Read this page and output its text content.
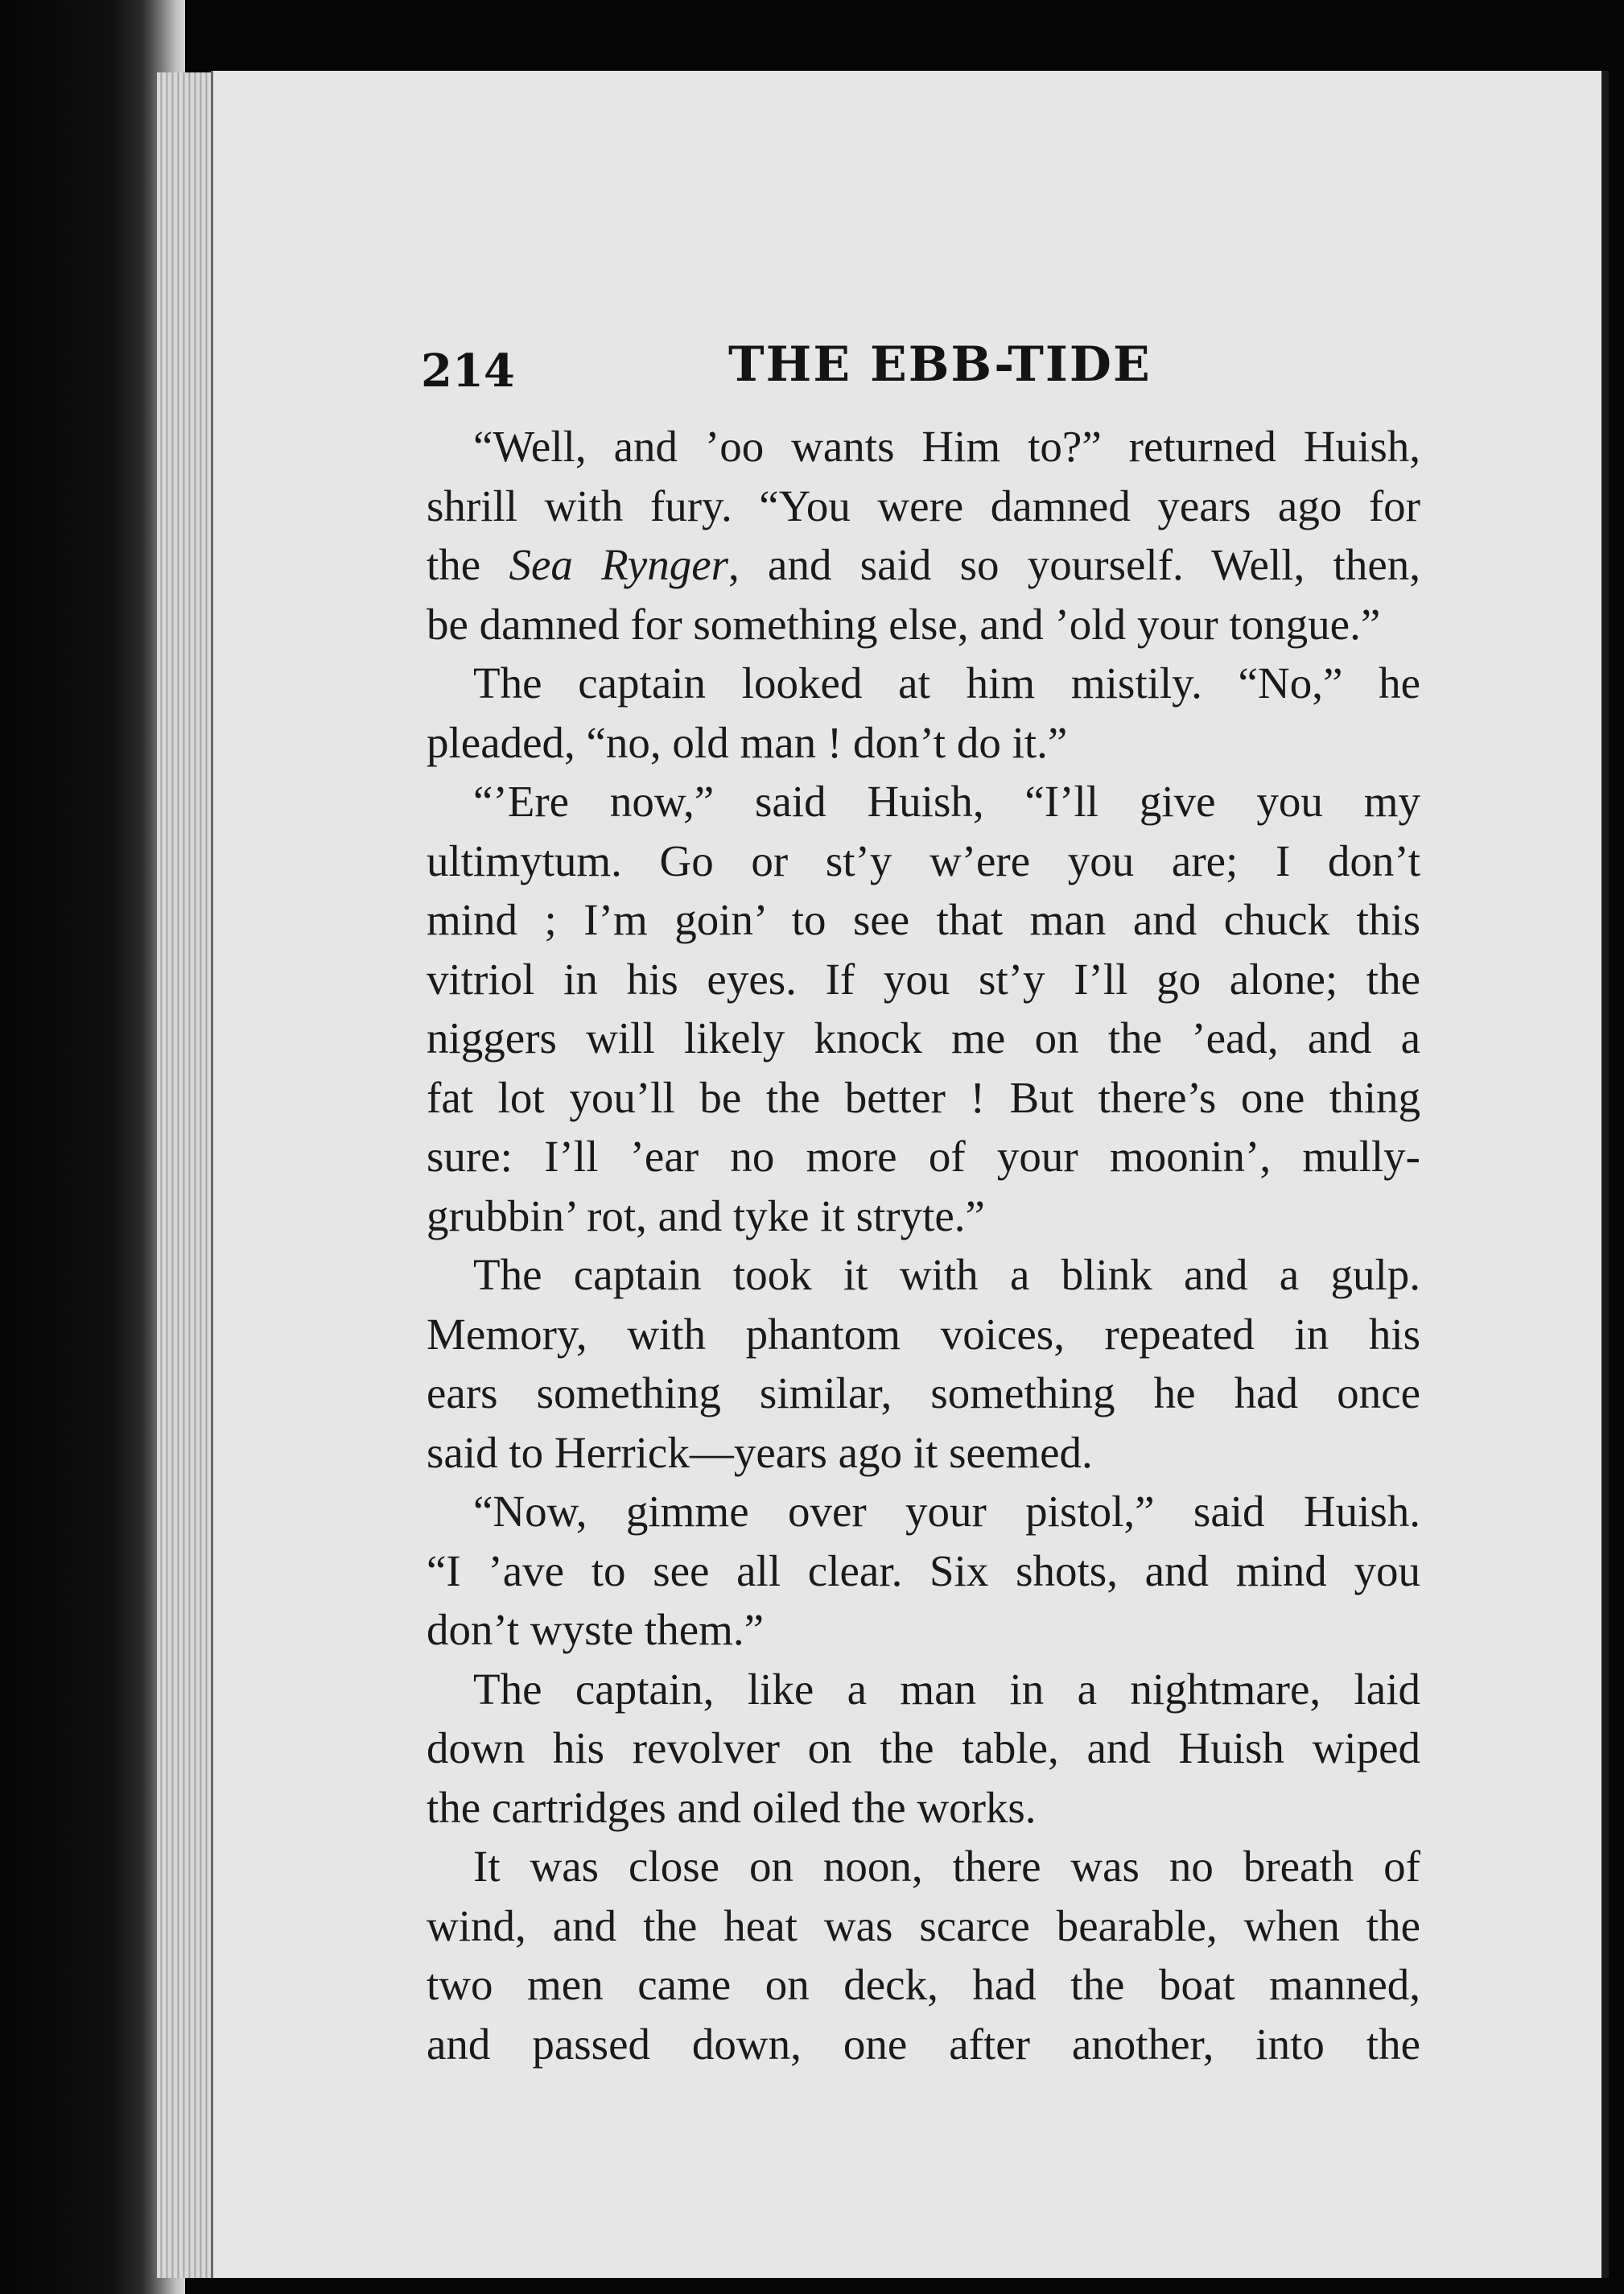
214	THE EBB-TIDE
“Well, and ’oo wants Him to?” returned Huish,
shrill with fury. “You were damned years ago for
the Sea Rynger, and said so yourself. Well, then,
be damned for something else, and ’old your tongue.”
The captain looked at him mistily. “No,” he
pleaded, “no, old man ! don’t do it.”
“’Ere now,” said Huish, “I’ll give you my
ultimytum. Go or st’y w’ere you are; I don’t
mind ; I’m goin’ to see that man and chuck this
vitriol in his eyes. If you st’y I’ll go alone; the
niggers will likely knock me on the ’ead, and a
fat lot you’ll be the better ! But there’s one thing
sure: I’ll ’ear no more of your moonin’, mully-
grubbin’ rot, and tyke it stryte.”
The captain took it with a blink and a gulp.
Memory, with phantom voices, repeated in his
ears something similar, something he had once
said to Herrick—years ago it seemed.
“Now, gimme over your pistol,” said Huish.
“I ’ave to see all clear. Six shots, and mind you
don’t wyste them.”
The captain, like a man in a nightmare, laid
down his revolver on the table, and Huish wiped
the cartridges and oiled the works.
It was close on noon, there was no breath of
wind, and the heat was scarce bearable, when the
two men came on deck, had the boat manned,
and passed down, one after another, into the
